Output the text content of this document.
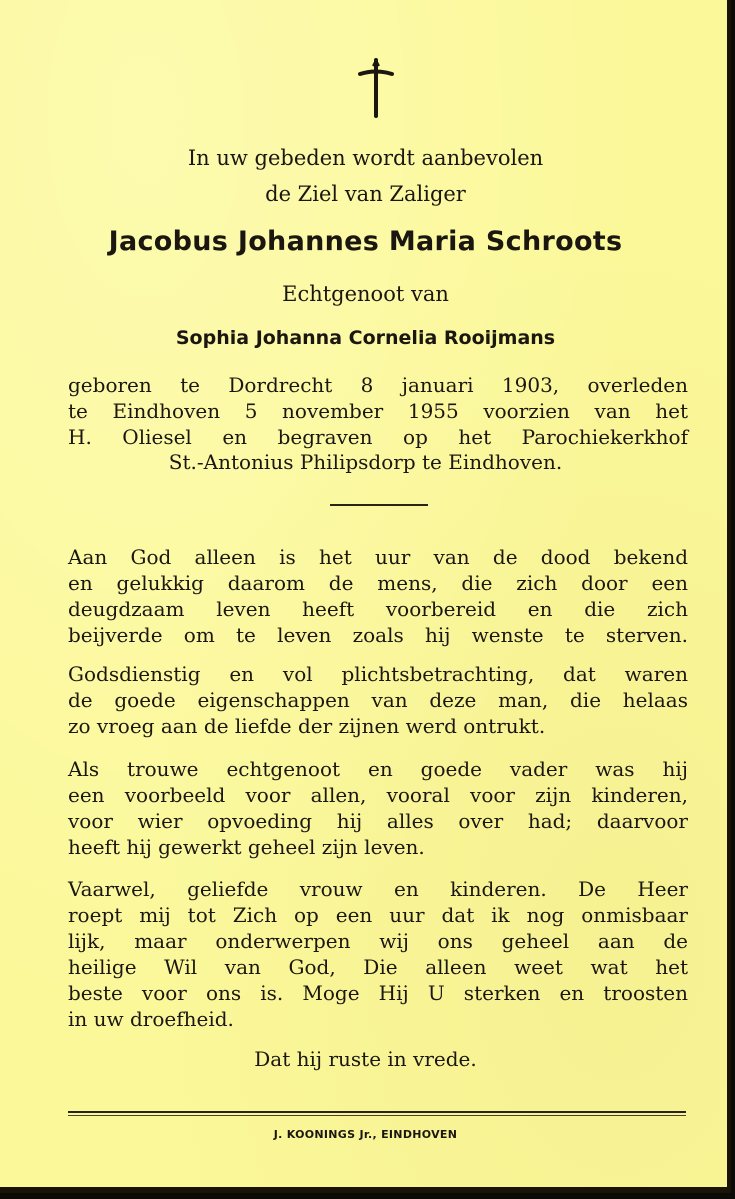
In uw gebeden wordt aanbevolen
de Ziel van Zaliger
Jacobus Johannes Maria Schroots
Echtgenoot van
Sophia Johanna Cornelia Rooijmans
geboren te Dordrecht 8 januari 1903, overleden
te Eindhoven 5 november 1955 voorzien van het
H. Oliesel en begraven op het Parochiekerkhof
St.-Antonius Philipsdorp te Eindhoven.
Aan God alleen is het uur van de dood bekend
en gelukkig daarom de mens, die zich door een
deugdzaam leven heeft voorbereid en die zich
beijverde om te leven zoals hij wenste te sterven.
Godsdienstig en vol plichtsbetrachting, dat waren
de goede eigenschappen van deze man, die helaas
zo vroeg aan de liefde der zijnen werd ontrukt.
Als trouwe echtgenoot en goede vader was hij
een voorbeeld voor allen, vooral voor zijn kinderen,
voor wier opvoeding hij alles over had; daarvoor
heeft hij gewerkt geheel zijn leven.
Vaarwel, geliefde vrouw en kinderen. De Heer
roept mij tot Zich op een uur dat ik nog onmisbaar
lijk, maar onderwerpen wij ons geheel aan de
heilige Wil van God, Die alleen weet wat het
beste voor ons is. Moge Hij U sterken en troosten
in uw droefheid.
Dat hij ruste in vrede.
J. KOONINGS Jr., EINDHOVEN
